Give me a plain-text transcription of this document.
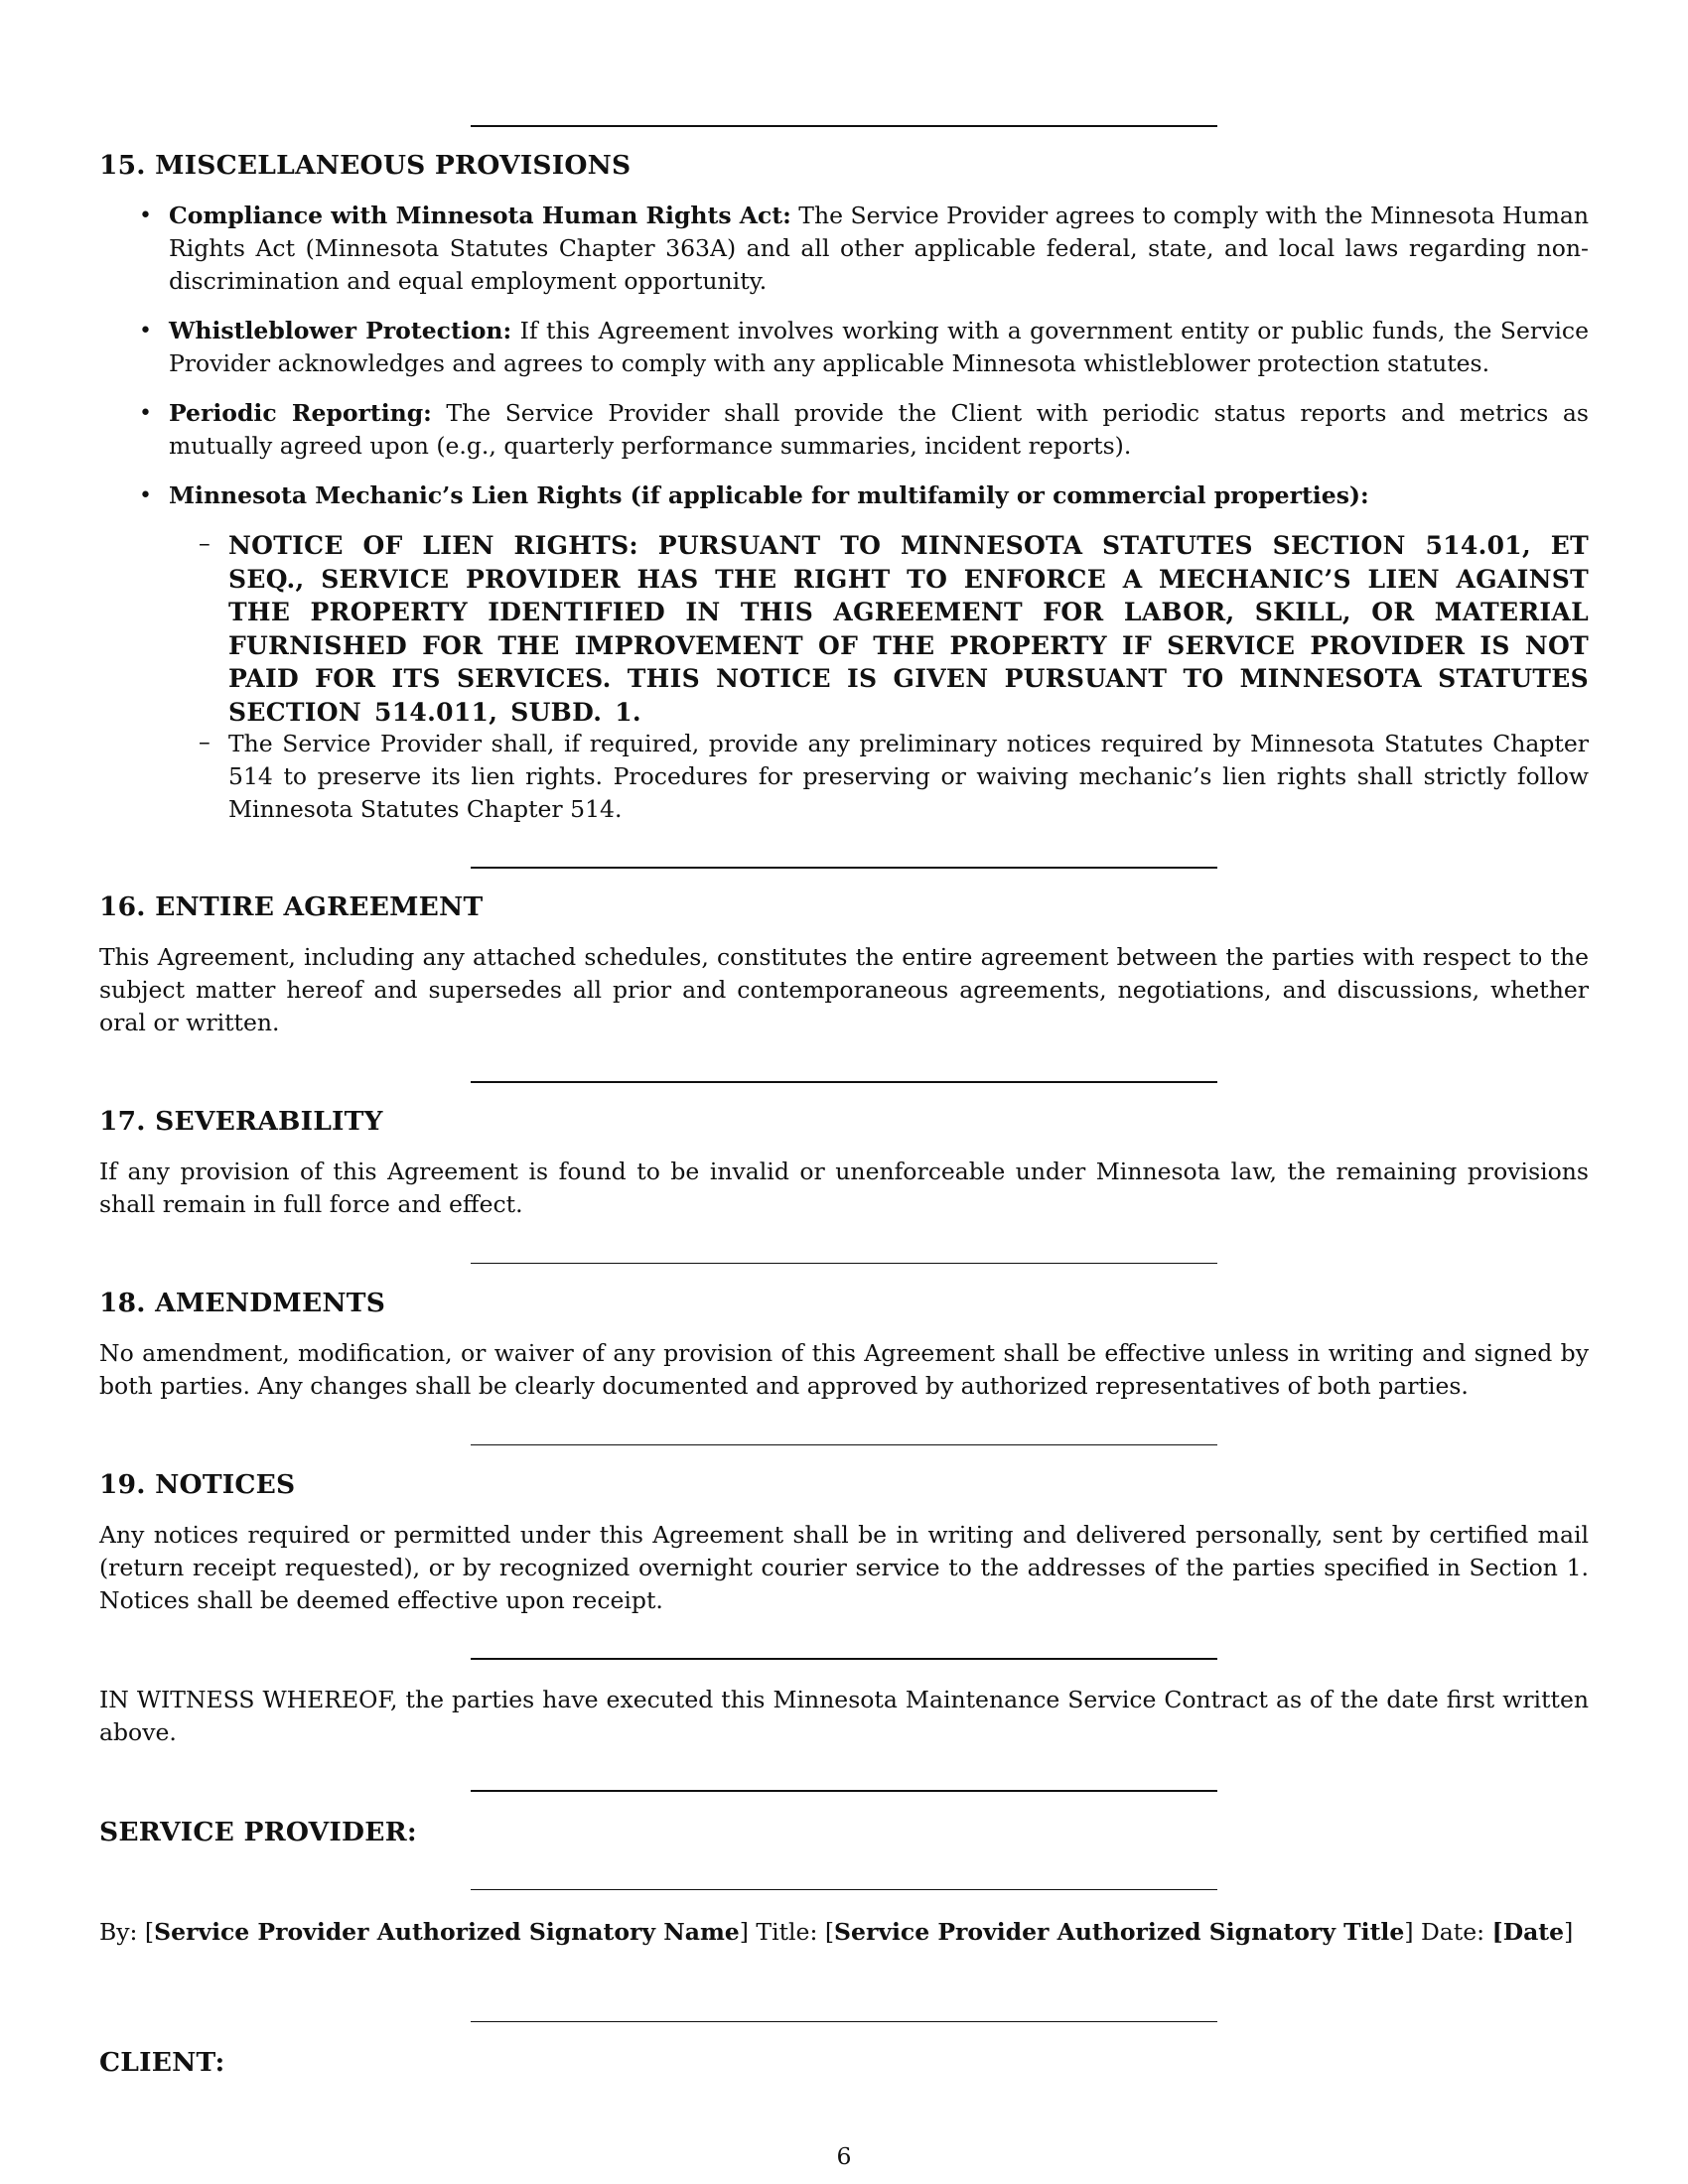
15. MISCELLANEOUS PROVISIONS
• Compliance with Minnesota Human Rights Act: The Service Provider agrees to comply with the Minnesota Human Rights Act (Minnesota Statutes Chapter 363A) and all other applicable federal, state, and local laws regarding non-discrimination and equal employment opportunity.

• Whistleblower Protection: If this Agreement involves working with a government entity or public funds, the Service Provider acknowledges and agrees to comply with any applicable Minnesota whistleblower protection statutes.

• Periodic Reporting: The Service Provider shall provide the Client with periodic status reports and metrics as mutually agreed upon (e.g., quarterly performance summaries, incident reports).

• Minnesota Mechanic’s Lien Rights (if applicable for multifamily or commercial properties):

– NOTICE OF LIEN RIGHTS: PURSUANT TO MINNESOTA STATUTES SECTION 514.01, ET SEQ., SERVICE PROVIDER HAS THE RIGHT TO ENFORCE A MECHANIC’S LIEN AGAINST THE PROPERTY IDENTIFIED IN THIS AGREEMENT FOR LABOR, SKILL, OR MATERIAL FURNISHED FOR THE IMPROVEMENT OF THE PROPERTY IF SERVICE PROVIDER IS NOT PAID FOR ITS SERVICES. THIS NOTICE IS GIVEN PURSUANT TO MINNESOTA STATUTES SECTION 514.011, SUBD. 1.

– The Service Provider shall, if required, provide any preliminary notices required by Minnesota Statutes Chapter 514 to preserve its lien rights. Procedures for preserving or waiving mechanic’s lien rights shall strictly follow Minnesota Statutes Chapter 514.

16. ENTIRE AGREEMENT

This Agreement, including any attached schedules, constitutes the entire agreement between the parties with respect to the subject matter hereof and supersedes all prior and contemporaneous agreements, negotiations, and discussions, whether oral or written.

17. SEVERABILITY

If any provision of this Agreement is found to be invalid or unenforceable under Minnesota law, the remaining provisions shall remain in full force and effect.

18. AMENDMENTS

No amendment, modification, or waiver of any provision of this Agreement shall be effective unless in writing and signed by both parties. Any changes shall be clearly documented and approved by authorized representatives of both parties.

19. NOTICES

Any notices required or permitted under this Agreement shall be in writing and delivered personally, sent by certified mail (return receipt requested), or by recognized overnight courier service to the addresses of the parties specified in Section 1. Notices shall be deemed effective upon receipt.

IN WITNESS WHEREOF, the parties have executed this Minnesota Maintenance Service Contract as of the date first written above.

SERVICE PROVIDER:

By: [Service Provider Authorized Signatory Name] Title: [Service Provider Authorized Signatory Title] Date: [Date]

CLIENT:
6
